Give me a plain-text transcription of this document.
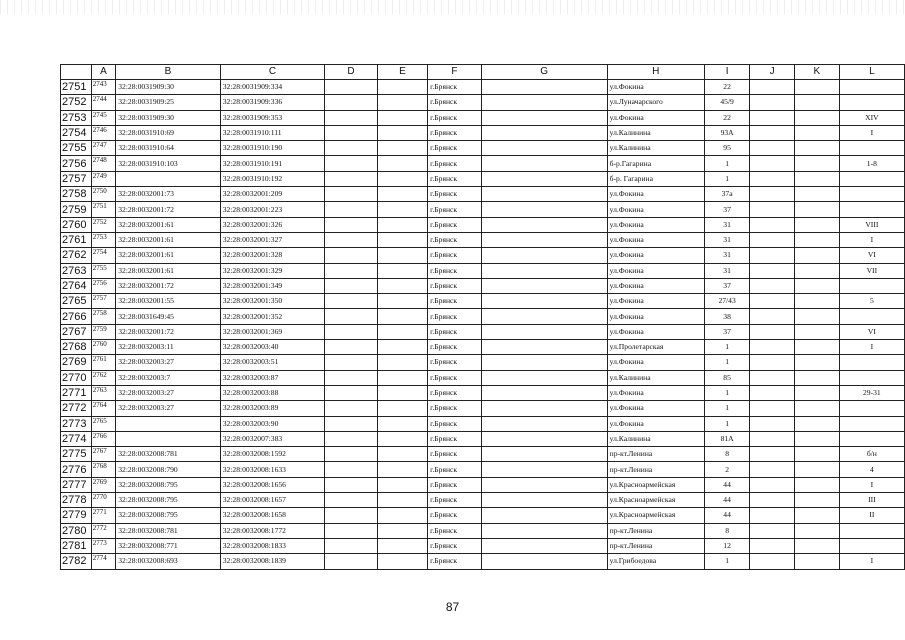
	A	B	C	D	E	F	G	H	I	J	K	L
2751	2743	32:28:0031909:30	32:28:0031909:334			г.Брянск		ул.Фокина	22			
2752	2744	32:28:0031909:25	32:28:0031909:336			г.Брянск		ул.Луначарского	45/9			
2753	2745	32:28:0031909:30	32:28:0031909:353			г.Брянск		ул.Фокина	22			XIV
2754	2746	32:28:0031910:69	32:28:0031910:111			г.Брянск		ул.Калинина	93А			I
2755	2747	32:28:0031910:64	32:28:0031910:190			г.Брянск		ул.Калинина	95			
2756	2748	32:28:0031910:103	32:28:0031910:191			г.Брянск		б-р.Гагарина	1			1-8
2757	2749		32:28:0031910:192			г.Брянск		б-р. Гагарина	1			
2758	2750	32:28:0032001:73	32:28:0032001:209			г.Брянск		ул.Фокина	37а			
2759	2751	32:28:0032001:72	32:28:0032001:223			г.Брянск		ул.Фокина	37			
2760	2752	32:28:0032001:61	32:28:0032001:326			г.Брянск		ул.Фокина	31			VIII
2761	2753	32:28:0032001:61	32:28:0032001:327			г.Брянск		ул.Фокина	31			I
2762	2754	32:28:0032001:61	32:28:0032001:328			г.Брянск		ул.Фокина	31			VI
2763	2755	32:28:0032001:61	32:28:0032001:329			г.Брянск		ул.Фокина	31			VII
2764	2756	32:28:0032001:72	32:28:0032001:349			г.Брянск		ул.Фокина	37			
2765	2757	32:28:0032001:55	32:28:0032001:350			г.Брянск		ул.Фокина	27/43			5
2766	2758	32:28:0031649:45	32:28:0032001:352			г.Брянск		ул.Фокина	38			
2767	2759	32:28:0032001:72	32:28:0032001:369			г.Брянск		ул.Фокина	37			VI
2768	2760	32:28:0032003:11	32:28:0032003:40			г.Брянск		ул.Пролетарская	1			I
2769	2761	32:28:0032003:27	32:28:0032003:51			г.Брянск		ул.Фокина	1			
2770	2762	32:28:0032003:7	32:28:0032003:87			г.Брянск		ул.Калинина	85			
2771	2763	32:28:0032003:27	32:28:0032003:88			г.Брянск		ул.Фокина	1			29-31
2772	2764	32:28:0032003:27	32:28:0032003:89			г.Брянск		ул.Фокина	1			
2773	2765		32:28:0032003:90			г.Брянск		ул.Фокина	1			
2774	2766		32:28:0032007:383			г.Брянск		ул.Калинина	81А			
2775	2767	32:28:0032008:781	32:28:0032008:1592			г.Брянск		пр-кт.Ленина	8			б/н
2776	2768	32:28:0032008:790	32:28:0032008:1633			г.Брянск		пр-кт.Ленина	2			4
2777	2769	32:28:0032008:795	32:28:0032008:1656			г.Брянск		ул.Красноармейская	44			I
2778	2770	32:28:0032008:795	32:28:0032008:1657			г.Брянск		ул.Красноармейская	44			III
2779	2771	32:28:0032008:795	32:28:0032008:1658			г.Брянск		ул.Красноармейская	44			II
2780	2772	32:28:0032008:781	32:28:0032008:1772			г.Брянск		пр-кт.Ленина	8			
2781	2773	32:28:0032008:771	32:28:0032008:1833			г.Брянск		пр-кт.Ленина	12			
2782	2774	32:28:0032008:693	32:28:0032008:1839			г.Брянск		ул.Грибоедова	1			I
87
